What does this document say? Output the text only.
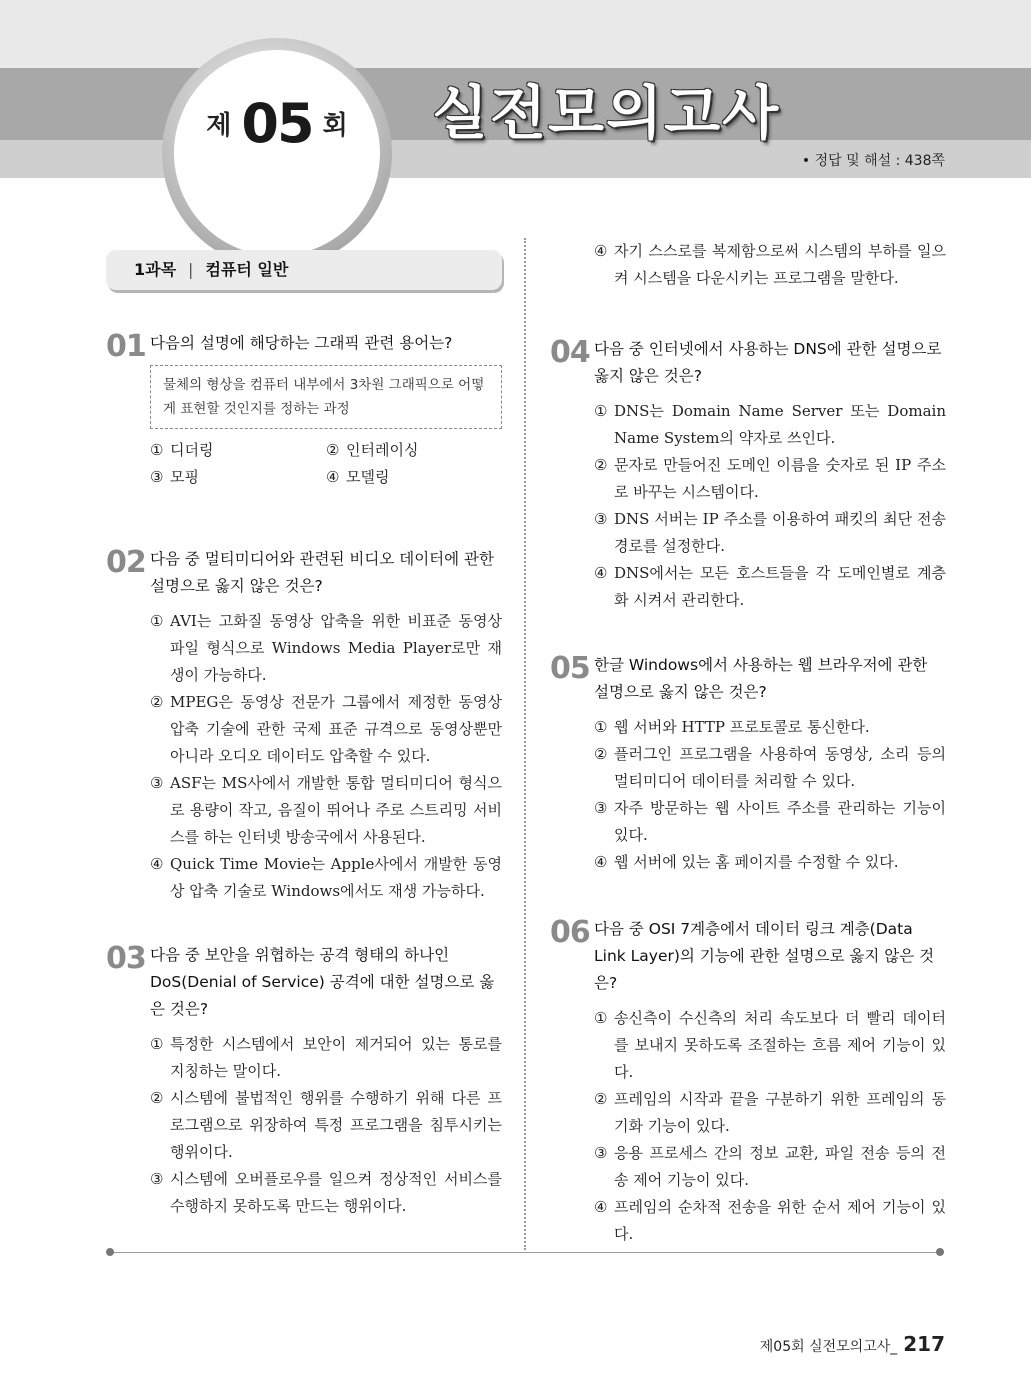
제 05 회	실전모의고사
• 정답 및 해설 : 438쪽
1과목 | 컴퓨터 일반
01 다음의 설명에 해당하는 그래픽 관련 용어는?
물체의 형상을 컴퓨터 내부에서 3차원 그래픽으로 어떻게 표현할 것인지를 정하는 과정
① 디더링	② 인터레이싱
③ 모핑	④ 모델링
02 다음 중 멀티미디어와 관련된 비디오 데이터에 관한 설명으로 옳지 않은 것은?
① AVI는 고화질 동영상 압축을 위한 비표준 동영상 파일 형식으로 Windows Media Player로만 재생이 가능하다.
② MPEG은 동영상 전문가 그룹에서 제정한 동영상 압축 기술에 관한 국제 표준 규격으로 동영상뿐만 아니라 오디오 데이터도 압축할 수 있다.
③ ASF는 MS사에서 개발한 통합 멀티미디어 형식으로 용량이 작고, 음질이 뛰어나 주로 스트리밍 서비스를 하는 인터넷 방송국에서 사용된다.
④ Quick Time Movie는 Apple사에서 개발한 동영상 압축 기술로 Windows에서도 재생 가능하다.
03 다음 중 보안을 위협하는 공격 형태의 하나인 DoS(Denial of Service) 공격에 대한 설명으로 옳은 것은?
① 특정한 시스템에서 보안이 제거되어 있는 통로를 지칭하는 말이다.
② 시스템에 불법적인 행위를 수행하기 위해 다른 프로그램으로 위장하여 특정 프로그램을 침투시키는 행위이다.
③ 시스템에 오버플로우를 일으켜 정상적인 서비스를 수행하지 못하도록 만드는 행위이다.
④ 자기 스스로를 복제함으로써 시스템의 부하를 일으켜 시스템을 다운시키는 프로그램을 말한다.
04 다음 중 인터넷에서 사용하는 DNS에 관한 설명으로 옳지 않은 것은?
① DNS는 Domain Name Server 또는 Domain Name System의 약자로 쓰인다.
② 문자로 만들어진 도메인 이름을 숫자로 된 IP 주소로 바꾸는 시스템이다.
③ DNS 서버는 IP 주소를 이용하여 패킷의 최단 전송 경로를 설정한다.
④ DNS에서는 모든 호스트들을 각 도메인별로 계층화 시켜서 관리한다.
05 한글 Windows에서 사용하는 웹 브라우저에 관한 설명으로 옳지 않은 것은?
① 웹 서버와 HTTP 프로토콜로 통신한다.
② 플러그인 프로그램을 사용하여 동영상, 소리 등의 멀티미디어 데이터를 처리할 수 있다.
③ 자주 방문하는 웹 사이트 주소를 관리하는 기능이 있다.
④ 웹 서버에 있는 홈 페이지를 수정할 수 있다.
06 다음 중 OSI 7계층에서 데이터 링크 계층(Data Link Layer)의 기능에 관한 설명으로 옳지 않은 것은?
① 송신측이 수신측의 처리 속도보다 더 빨리 데이터를 보내지 못하도록 조절하는 흐름 제어 기능이 있다.
② 프레임의 시작과 끝을 구분하기 위한 프레임의 동기화 기능이 있다.
③ 응용 프로세스 간의 정보 교환, 파일 전송 등의 전송 제어 기능이 있다.
④ 프레임의 순차적 전송을 위한 순서 제어 기능이 있다.
제05회 실전모의고사_ 217
